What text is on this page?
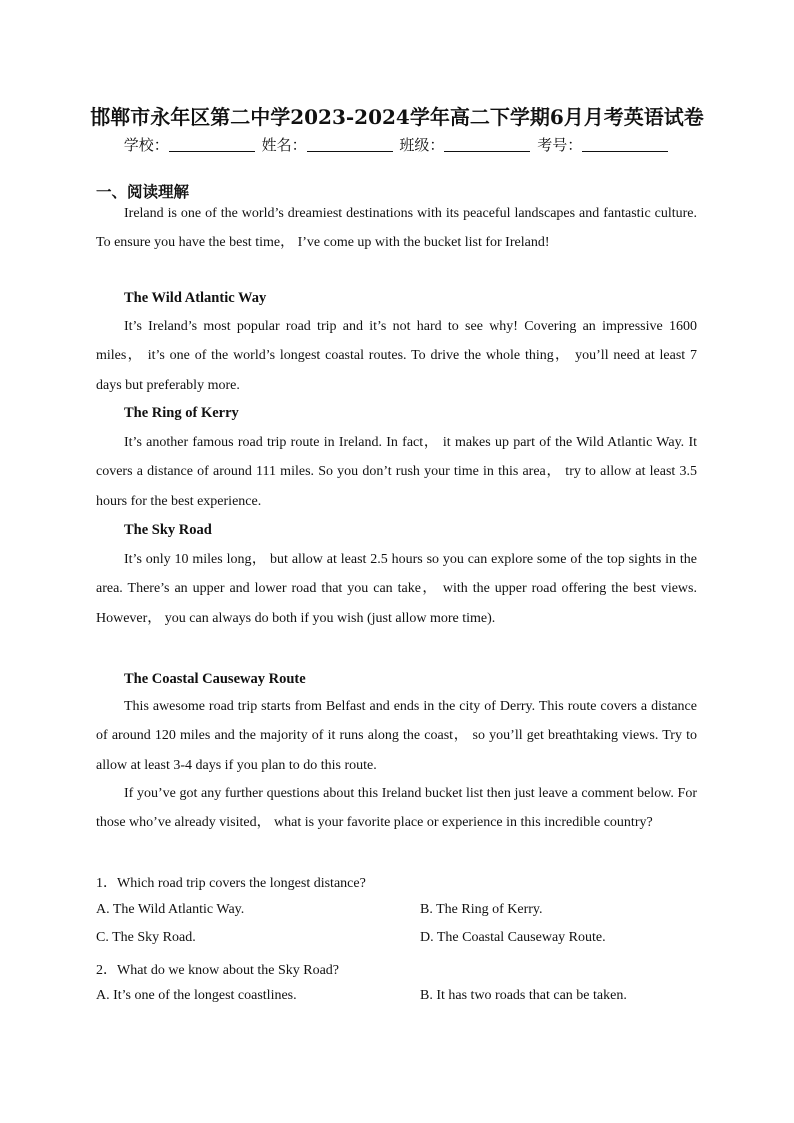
邯郸市永年区第二中学2023-2024学年高二下学期6月月考英语试卷
学校：	姓名：	班级：	考号：
一、阅读理解
Ireland is one of the world’s dreamiest destinations with its peaceful landscapes and fantastic culture. To ensure you have the best time， I’ve come up with the bucket list for Ireland!
The Wild Atlantic Way
It’s Ireland’s most popular road trip and it’s not hard to see why! Covering an impressive 1600 miles， it’s one of the world’s longest coastal routes. To drive the whole thing， you’ll need at least 7 days but preferably more.
The Ring of Kerry
It’s another famous road trip route in Ireland. In fact， it makes up part of the Wild Atlantic Way. It covers a distance of around 111 miles. So you don’t rush your time in this area， try to allow at least 3.5 hours for the best experience.
The Sky Road
It’s only 10 miles long， but allow at least 2.5 hours so you can explore some of the top sights in the area. There’s an upper and lower road that you can take， with the upper road offering the best views. However， you can always do both if you wish (just allow more time).
The Coastal Causeway Route
This awesome road trip starts from Belfast and ends in the city of Derry. This route covers a distance of around 120 miles and the majority of it runs along the coast， so you’ll get breathtaking views. Try to allow at least 3-4 days if you plan to do this route.
If you’ve got any further questions about this Ireland bucket list then just leave a comment below. For those who’ve already visited， what is your favorite place or experience in this incredible country?
1．Which road trip covers the longest distance?
A. The Wild Atlantic Way.	B. The Ring of Kerry.
C. The Sky Road.	D. The Coastal Causeway Route.
2．What do we know about the Sky Road?
A. It’s one of the longest coastlines.	B. It has two roads that can be taken.
